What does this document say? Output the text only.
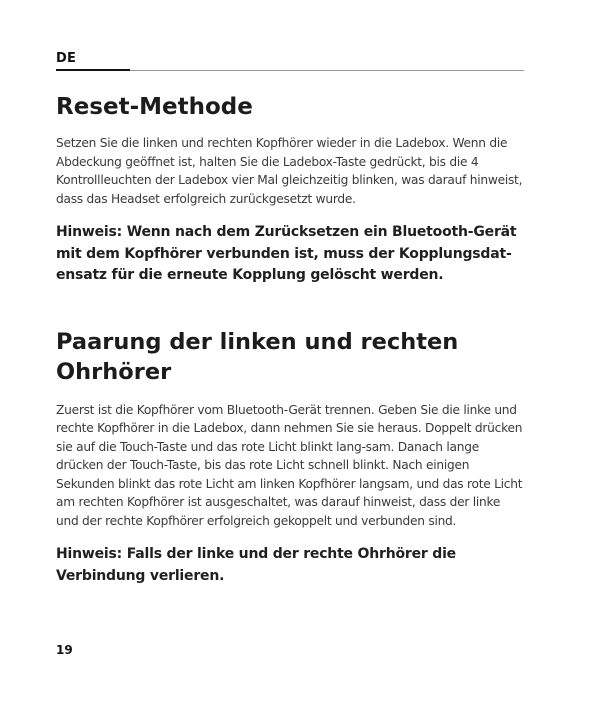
DE
Reset-Methode

Setzen Sie die linken und rechten Kopfhörer wieder in die Ladebox. Wenn die Abdeckung geöffnet ist, halten Sie die Ladebox-Taste gedrückt, bis die 4 Kontrollleuchten der Ladebox vier Mal gleichzeitig blinken, was darauf hinweist, dass das Headset erfolgreich zurückgesetzt wurde.

Hinweis: Wenn nach dem Zurücksetzen ein Bluetooth-Gerät mit dem Kopfhörer verbunden ist, muss der Kopplungsdat-ensatz für die erneute Kopplung gelöscht werden.

Paarung der linken und rechten Ohrhörer

Zuerst ist die Kopfhörer vom Bluetooth-Gerät trennen. Geben Sie die linke und rechte Kopfhörer in die Ladebox, dann nehmen Sie sie heraus. Doppelt drücken sie auf die Touch-Taste und das rote Licht blinkt lang-sam. Danach lange drücken der Touch-Taste, bis das rote Licht schnell blinkt. Nach einigen Sekunden blinkt das rote Licht am linken Kopfhörer langsam, und das rote Licht am rechten Kopfhörer ist ausgeschaltet, was darauf hinweist, dass der linke und der rechte Kopfhörer erfolgreich gekoppelt und verbunden sind.

Hinweis: Falls der linke und der rechte Ohrhörer die Verbindung verlieren.

19
